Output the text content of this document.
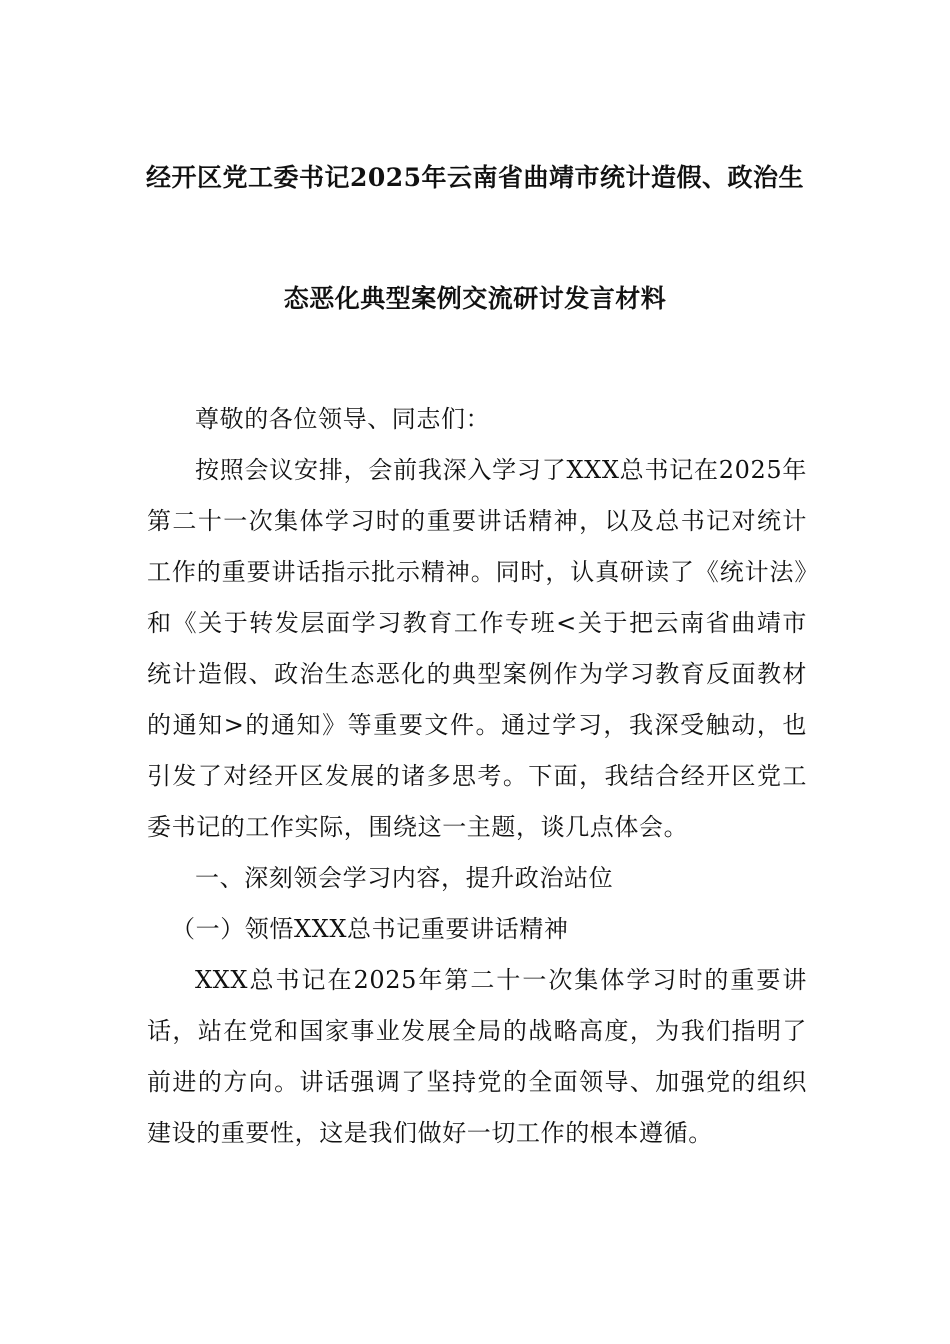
经开区党工委书记2025年云南省曲靖市统计造假、政治生
态恶化典型案例交流研讨发言材料

尊敬的各位领导、同志们：

按照会议安排，会前我深入学习了XXX总书记在2025年第二十一次集体学习时的重要讲话精神，以及总书记对统计工作的重要讲话指示批示精神。同时，认真研读了《统计法》和《关于转发层面学习教育工作专班<关于把云南省曲靖市统计造假、政治生态恶化的典型案例作为学习教育反面教材的通知>的通知》等重要文件。通过学习，我深受触动，也引发了对经开区发展的诸多思考。下面，我结合经开区党工委书记的工作实际，围绕这一主题，谈几点体会。

一、深刻领会学习内容，提升政治站位

（一）领悟XXX总书记重要讲话精神

XXX总书记在2025年第二十一次集体学习时的重要讲话，站在党和国家事业发展全局的战略高度，为我们指明了前进的方向。讲话强调了坚持党的全面领导、加强党的组织建设的重要性，这是我们做好一切工作的根本遵循。
